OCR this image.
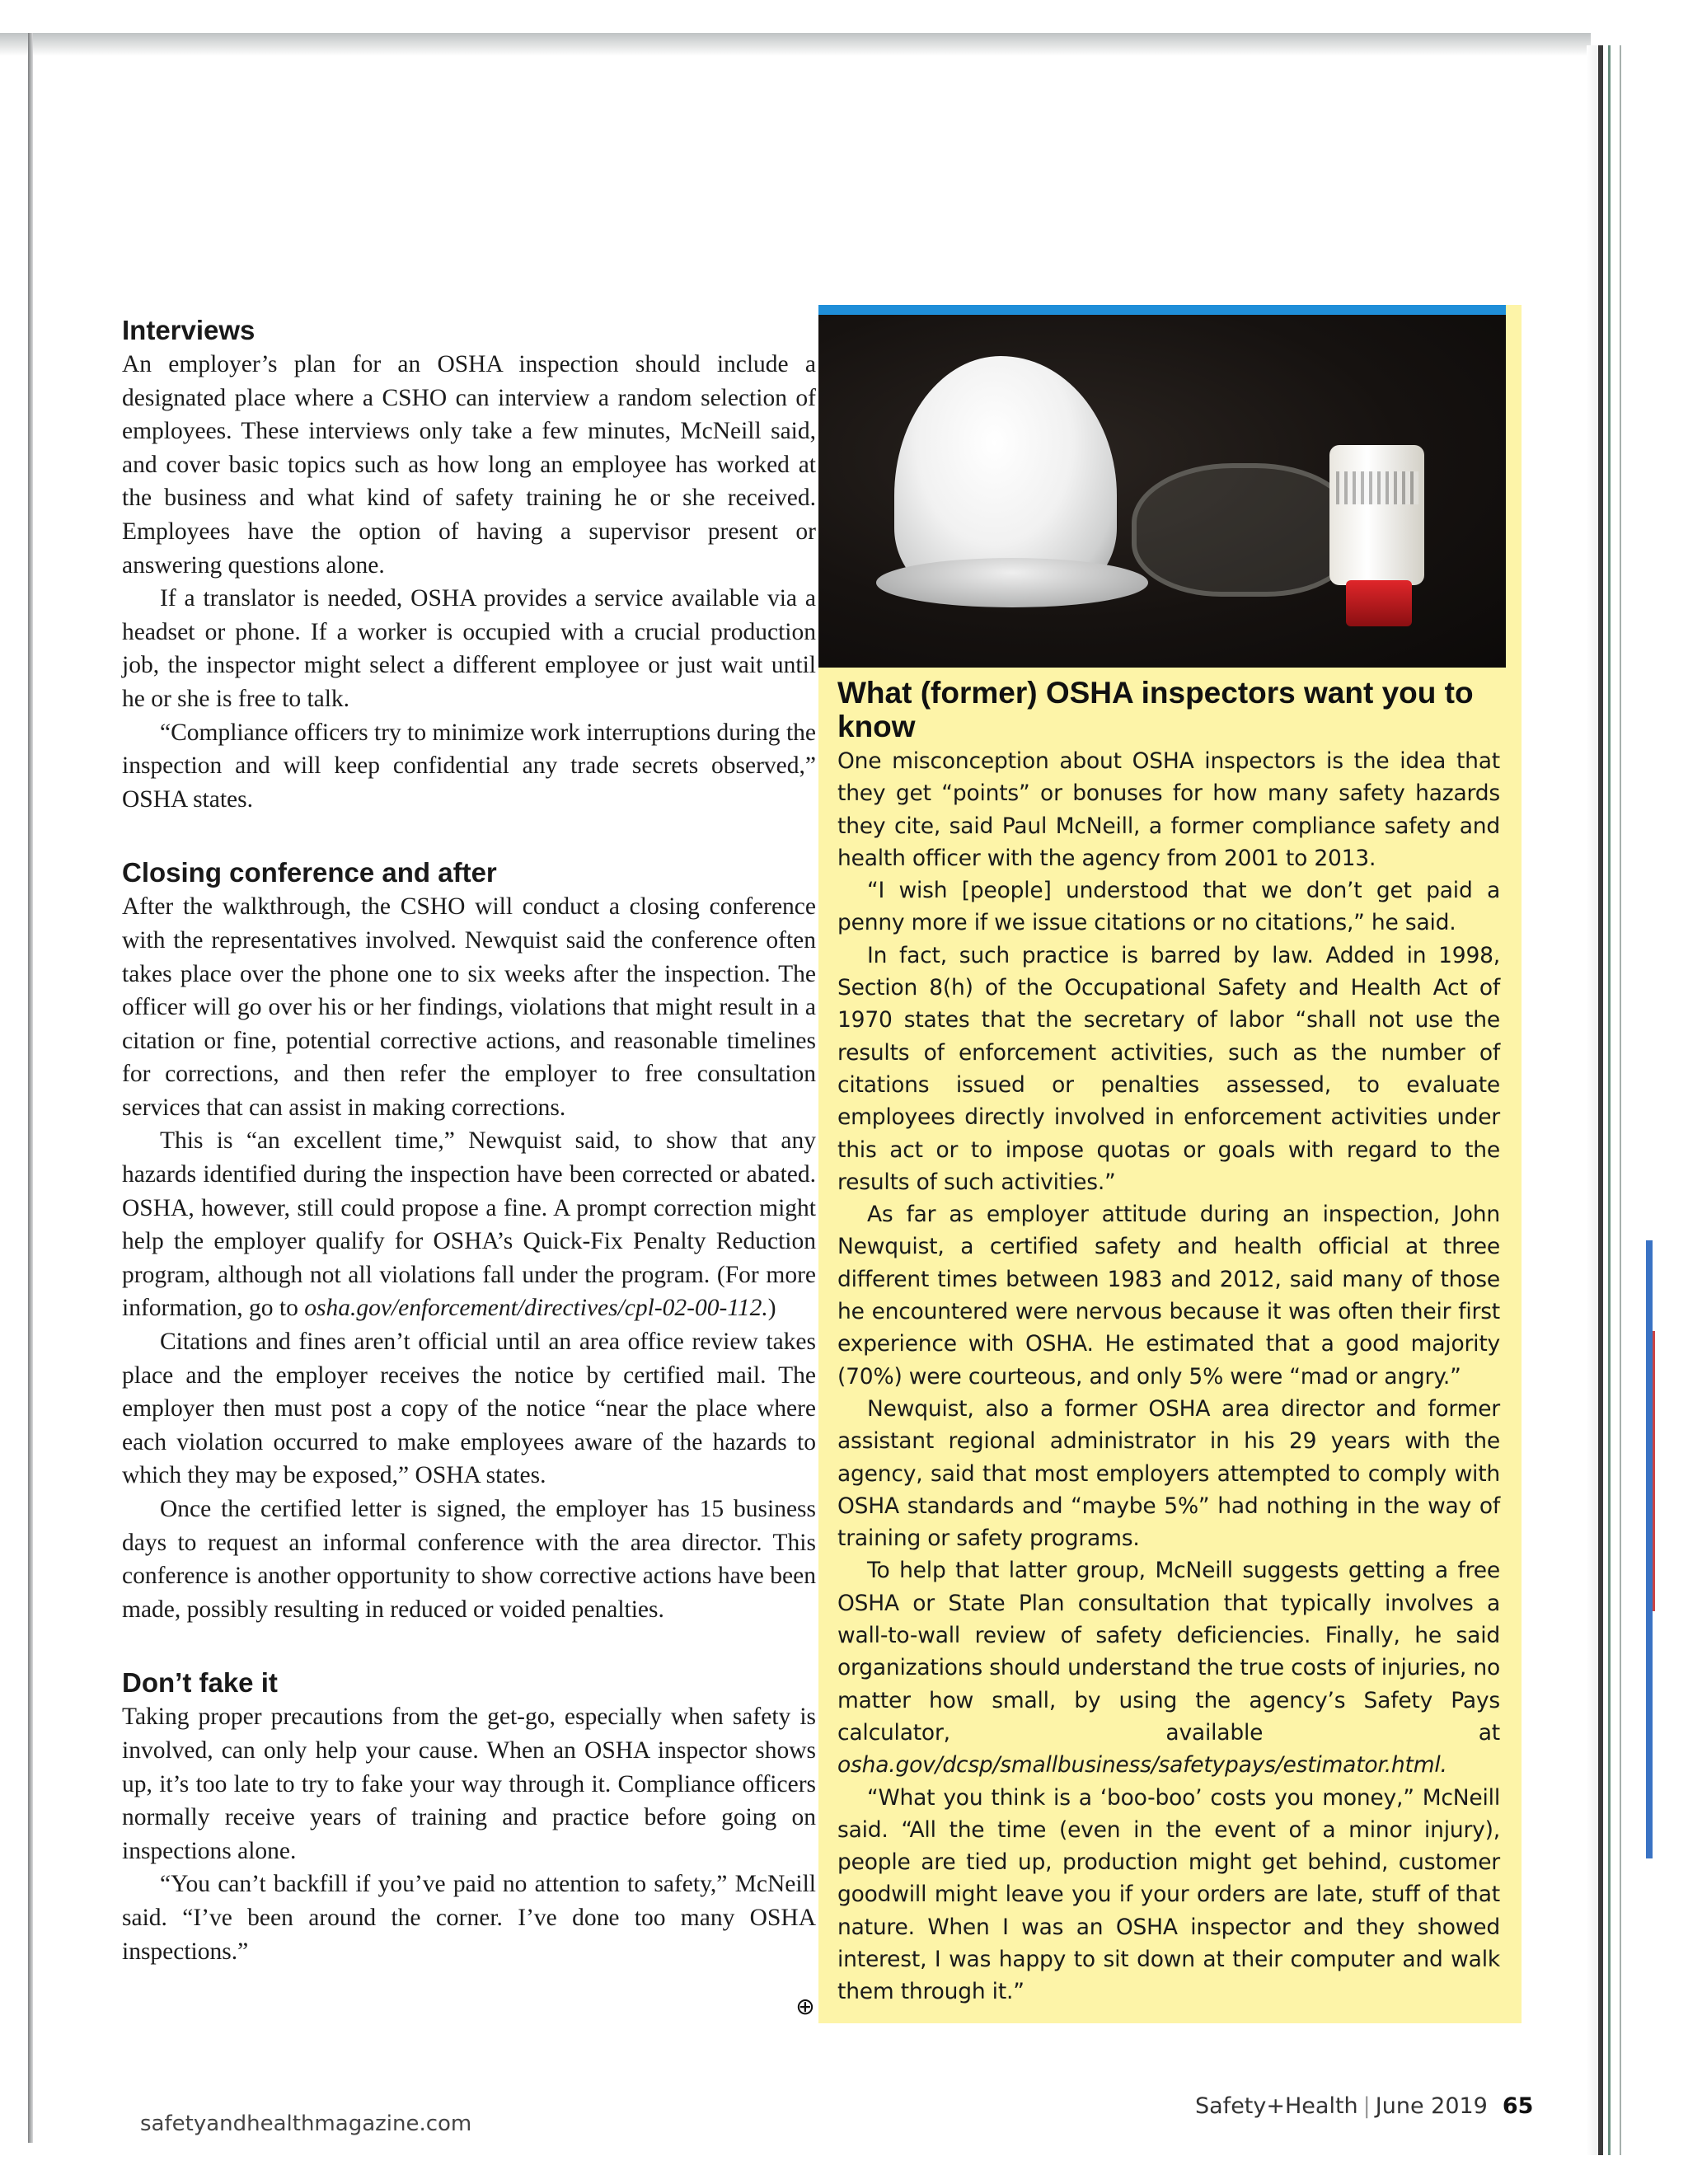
Interviews

An employer’s plan for an OSHA inspection should include a designated place where a CSHO can interview a random selection of employees. These interviews only take a few minutes, McNeill said, and cover basic topics such as how long an employee has worked at the business and what kind of safety training he or she received. Employees have the option of having a supervisor present or answering questions alone.

If a translator is needed, OSHA provides a service available via a headset or phone. If a worker is occupied with a crucial production job, the inspector might select a different employee or just wait until he or she is free to talk.

“Compliance officers try to minimize work interruptions during the inspection and will keep confidential any trade secrets observed,” OSHA states.

Closing conference and after

After the walkthrough, the CSHO will conduct a closing conference with the representatives involved. Newquist said the conference often takes place over the phone one to six weeks after the inspection. The officer will go over his or her findings, violations that might result in a citation or fine, potential corrective actions, and reasonable timelines for corrections, and then refer the employer to free consultation services that can assist in making corrections.

This is “an excellent time,” Newquist said, to show that any hazards identified during the inspection have been corrected or abated. OSHA, however, still could propose a fine. A prompt correction might help the employer qualify for OSHA’s Quick-Fix Penalty Reduction program, although not all violations fall under the program. (For more information, go to osha.gov/enforcement/directives/cpl-02-00-112.)

Citations and fines aren’t official until an area office review takes place and the employer receives the notice by certified mail. The employer then must post a copy of the notice “near the place where each violation occurred to make employees aware of the hazards to which they may be exposed,” OSHA states.

Once the certified letter is signed, the employer has 15 business days to request an informal conference with the area director. This conference is another opportunity to show corrective actions have been made, possibly resulting in reduced or voided penalties.

Don’t fake it

Taking proper precautions from the get-go, especially when safety is involved, can only help your cause. When an OSHA inspector shows up, it’s too late to try to fake your way through it. Compliance officers normally receive years of training and practice before going on inspections alone.

“You can’t backfill if you’ve paid no attention to safety,” McNeill said. “I’ve been around the corner. I’ve done too many OSHA inspections.”

⊕
What (former) OSHA inspectors want you to know

One misconception about OSHA inspectors is the idea that they get “points” or bonuses for how many safety hazards they cite, said Paul McNeill, a former compliance safety and health officer with the agency from 2001 to 2013.

“I wish [people] understood that we don’t get paid a penny more if we issue citations or no citations,” he said.

In fact, such practice is barred by law. Added in 1998, Section 8(h) of the Occupational Safety and Health Act of 1970 states that the secretary of labor “shall not use the results of enforcement activities, such as the number of citations issued or penalties assessed, to evaluate employees directly involved in enforcement activities under this act or to impose quotas or goals with regard to the results of such activities.”

As far as employer attitude during an inspection, John Newquist, a certified safety and health official at three different times between 1983 and 2012, said many of those he encountered were nervous because it was often their first experience with OSHA. He estimated that a good majority (70%) were courteous, and only 5% were “mad or angry.”

Newquist, also a former OSHA area director and former assistant regional administrator in his 29 years with the agency, said that most employers attempted to comply with OSHA standards and “maybe 5%” had nothing in the way of training or safety programs.

To help that latter group, McNeill suggests getting a free OSHA or State Plan consultation that typically involves a wall-to-wall review of safety deficiencies. Finally, he said organizations should understand the true costs of injuries, no matter how small, by using the agency’s Safety Pays calculator, available at osha.gov/dcsp/smallbusiness/safetypays/estimator.html.

“What you think is a ‘boo-boo’ costs you money,” McNeill said. “All the time (even in the event of a minor injury), people are tied up, production might get behind, customer goodwill might leave you if your orders are late, stuff of that nature. When I was an OSHA inspector and they showed interest, I was happy to sit down at their computer and walk them through it.”

safetyandhealthmagazine.com
Safety+Health | June 2019 65
